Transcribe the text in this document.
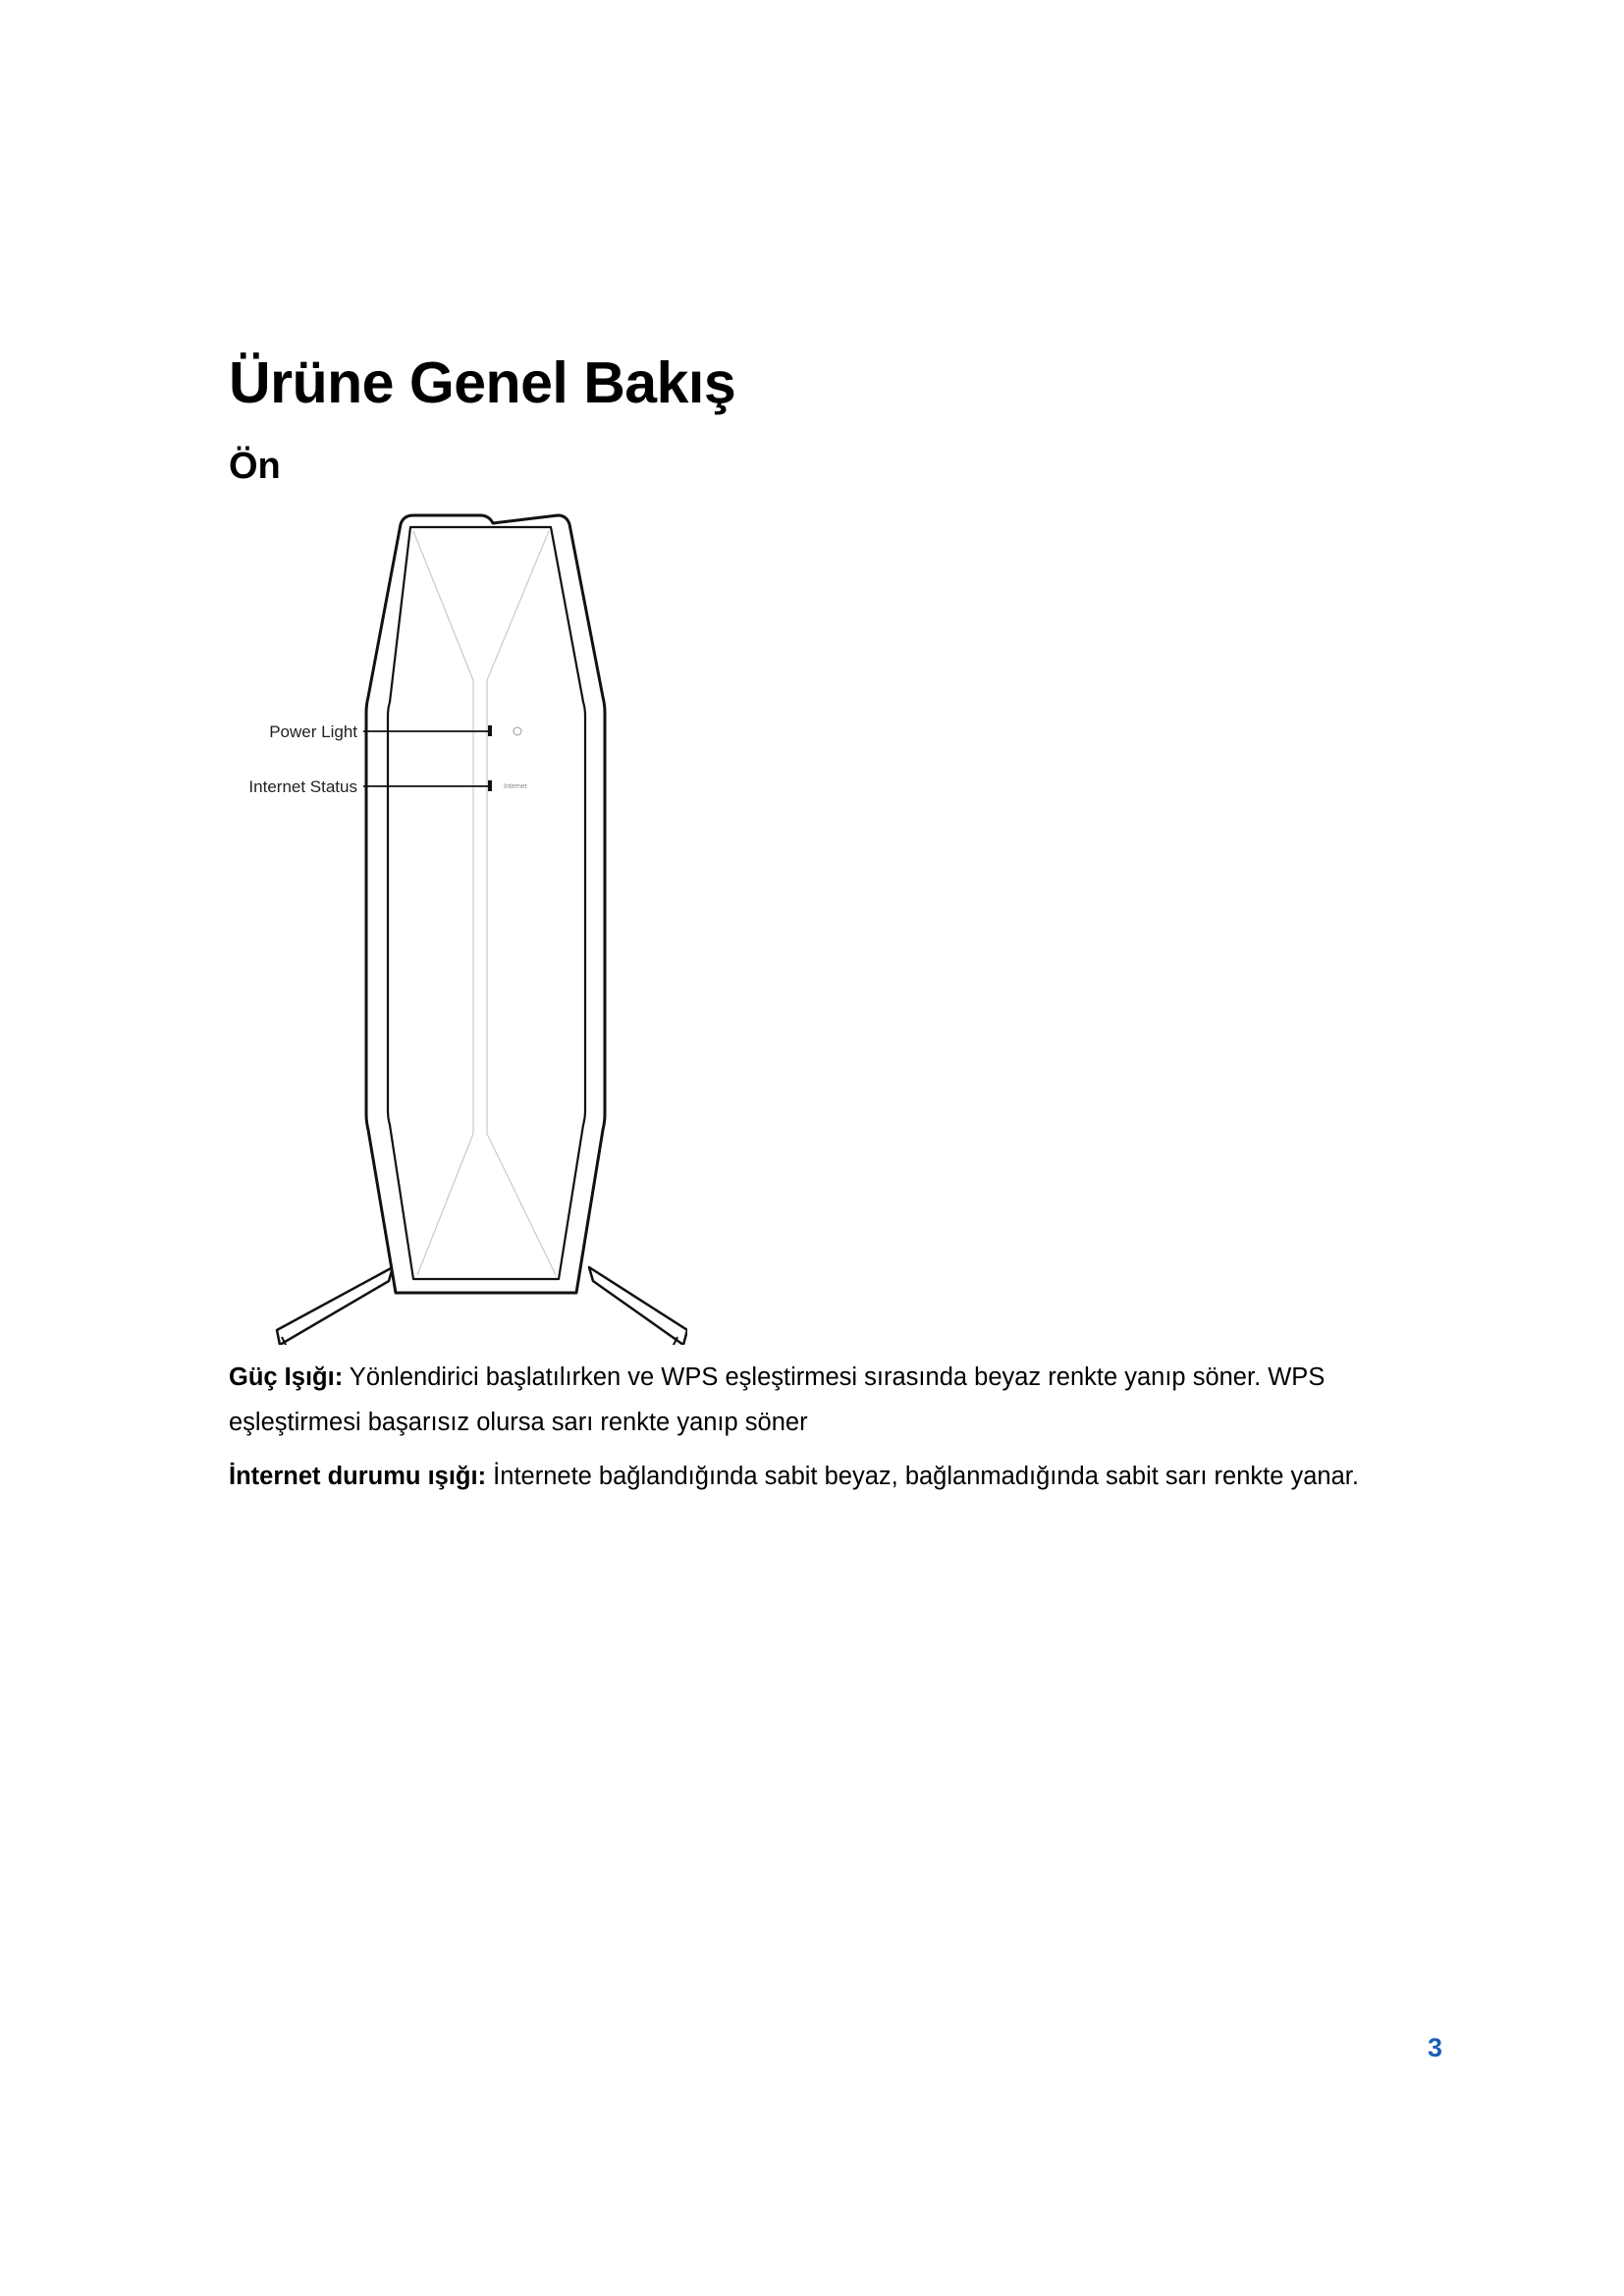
Ürüne Genel Bakış
Ön
Internet
Power Light
Internet Status

Güç Işığı: Yönlendirici başlatılırken ve WPS eşleştirmesi sırasında beyaz renkte yanıp söner. WPS eşleştirmesi başarısız olursa sarı renkte yanıp söner

İnternet durumu ışığı: İnternete bağlandığında sabit beyaz, bağlanmadığında sabit sarı renkte yanar.

3
